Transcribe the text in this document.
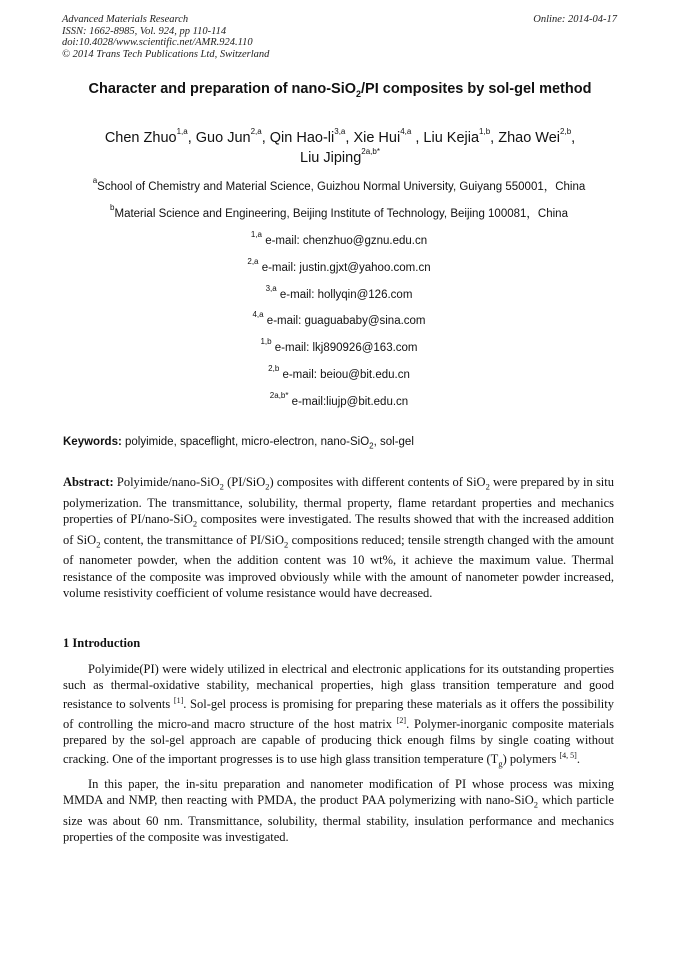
Advanced Materials Research
ISSN: 1662-8985, Vol. 924, pp 110-114
doi:10.4028/www.scientific.net/AMR.924.110
© 2014 Trans Tech Publications Ltd, Switzerland
Online: 2014-04-17
Character and preparation of nano-SiO$_2$/PI composites by sol-gel method
Chen Zhuo$^{1,a}$, Guo Jun$^{2,a}$, Qin Hao-li$^{3,a}$, Xie Hui$^{4,a}$ , Liu Kejia$^{1,b}$, Zhao Wei$^{2,b}$,
Liu Jiping$^{2a,b*}$
$^a$School of Chemistry and Material Science, Guizhou Normal University, Guiyang 550001，China
$^b$Material Science and Engineering, Beijing Institute of Technology, Beijing 100081，China
$^{1,a}$ e-mail: chenzhuo@gznu.edu.cn
$^{2,a}$ e-mail: justin.gjxt@yahoo.com.cn
$^{3,a}$ e-mail: hollyqin@126.com
$^{4,a}$ e-mail: guaguababy@sina.com
$^{1,b}$ e-mail: lkj890926@163.com
$^{2,b}$ e-mail: beiou@bit.edu.cn
$^{2a,b*}$ e-mail:liujp@bit.edu.cn
Keywords: polyimide, spaceflight, micro-electron, nano-SiO$_2$, sol-gel
Abstract: Polyimide/nano-SiO$_2$ (PI/SiO$_2$) composites with different contents of SiO$_2$ were prepared by in situ polymerization. The transmittance, solubility, thermal property, flame retardant properties and mechanics properties of PI/nano-SiO$_2$ composites were investigated. The results showed that with the increased addition of SiO$_2$ content, the transmittance of PI/SiO$_2$ compositions reduced; tensile strength changed with the amount of nanometer powder, when the addition content was 10 wt%, it achieve the maximum value. Thermal resistance of the composite was improved obviously while with the amount of nanometer powder increased, volume resistivity coefficient of volume resistance would have decreased.
1 Introduction
Polyimide(PI) were widely utilized in electrical and electronic applications for its outstanding properties such as thermal-oxidative stability, mechanical properties, high glass transition temperature and good resistance to solvents [1]. Sol-gel process is promising for preparing these materials as it offers the possibility of controlling the micro-and macro structure of the host matrix [2]. Polymer-inorganic composite materials prepared by the sol-gel approach are capable of producing thick enough films by single coating without cracking. One of the important progresses is to use high glass transition temperature $(T_g)$ polymers [4, 5].
In this paper, the in-situ preparation and nanometer modification of PI whose process was mixing MMDA and NMP, then reacting with PMDA, the product PAA polymerizing with nano-SiO$_2$ which particle size was about 60 nm. Transmittance, solubility, thermal stability, insulation performance and mechanics properties of the composite was investigated.
